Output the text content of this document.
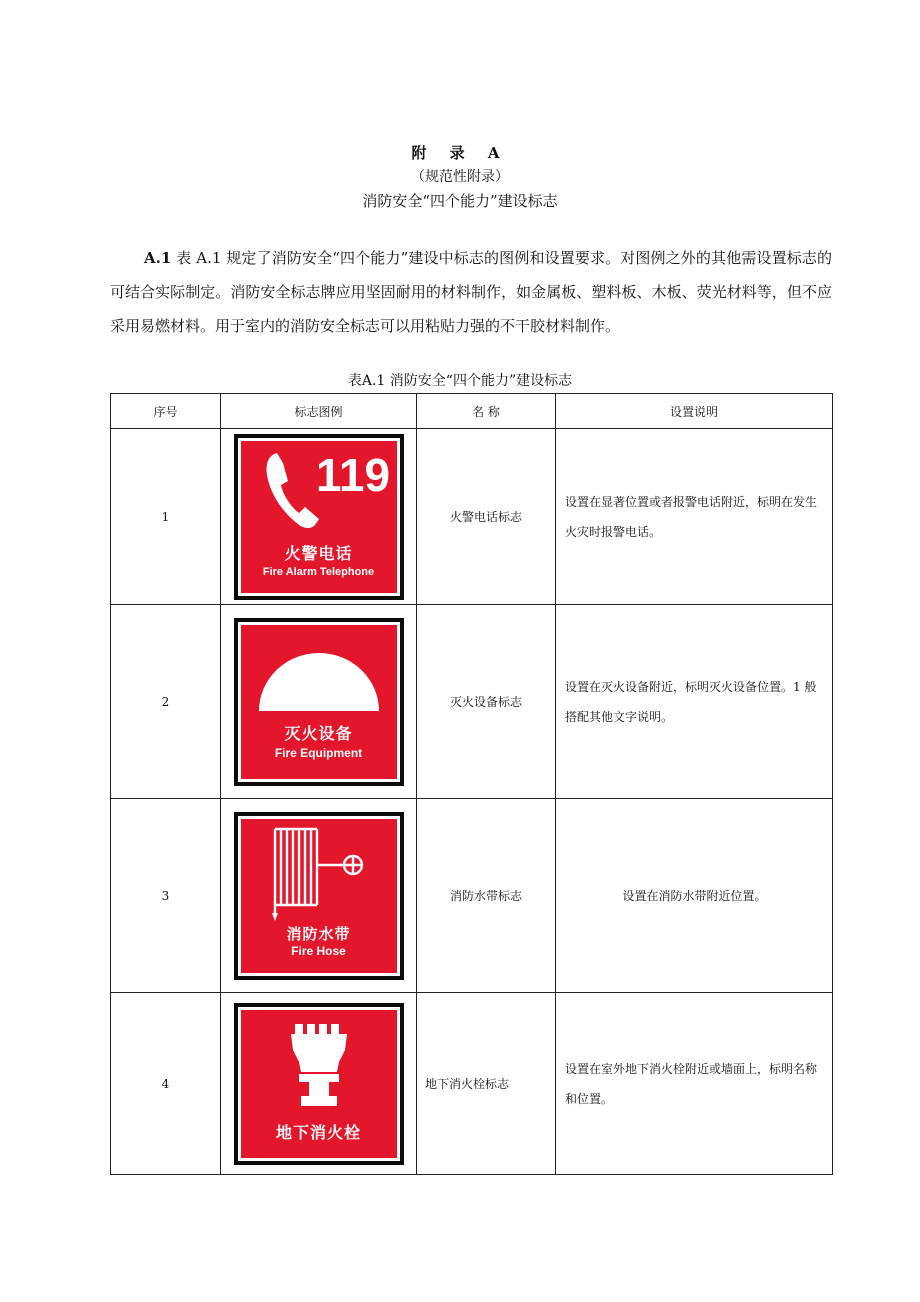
附 录 A
（规范性附录）
消防安全“四个能力”建设标志
A.1 表 A.1 规定了消防安全“四个能力”建设中标志的图例和设置要求。对图例之外的其他需设置标志的可结合实际制定。消防安全标志牌应用坚固耐用的材料制作，如金属板、塑料板、木板、荧光材料等，但不应采用易燃材料。用于室内的消防安全标志可以用粘贴力强的不干胶材料制作。
表A.1 消防安全“四个能力”建设标志
序号	标志图例	名 称	设置说明
1	119
火警电话
Fire Alarm Telephone	火警电话标志	设置在显著位置或者报警电话附近，标明在发生火灾时报警电话。
2	灭火设备
Fire Equipment	灭火设备标志	设置在灭火设备附近，标明灭火设备位置。1 般搭配其他文字说明。
3	消防水带
Fire Hose	消防水带标志	设置在消防水带附近位置。
4	地下消火栓	地下消火栓标志	设置在室外地下消火栓附近或墙面上，标明名称和位置。
